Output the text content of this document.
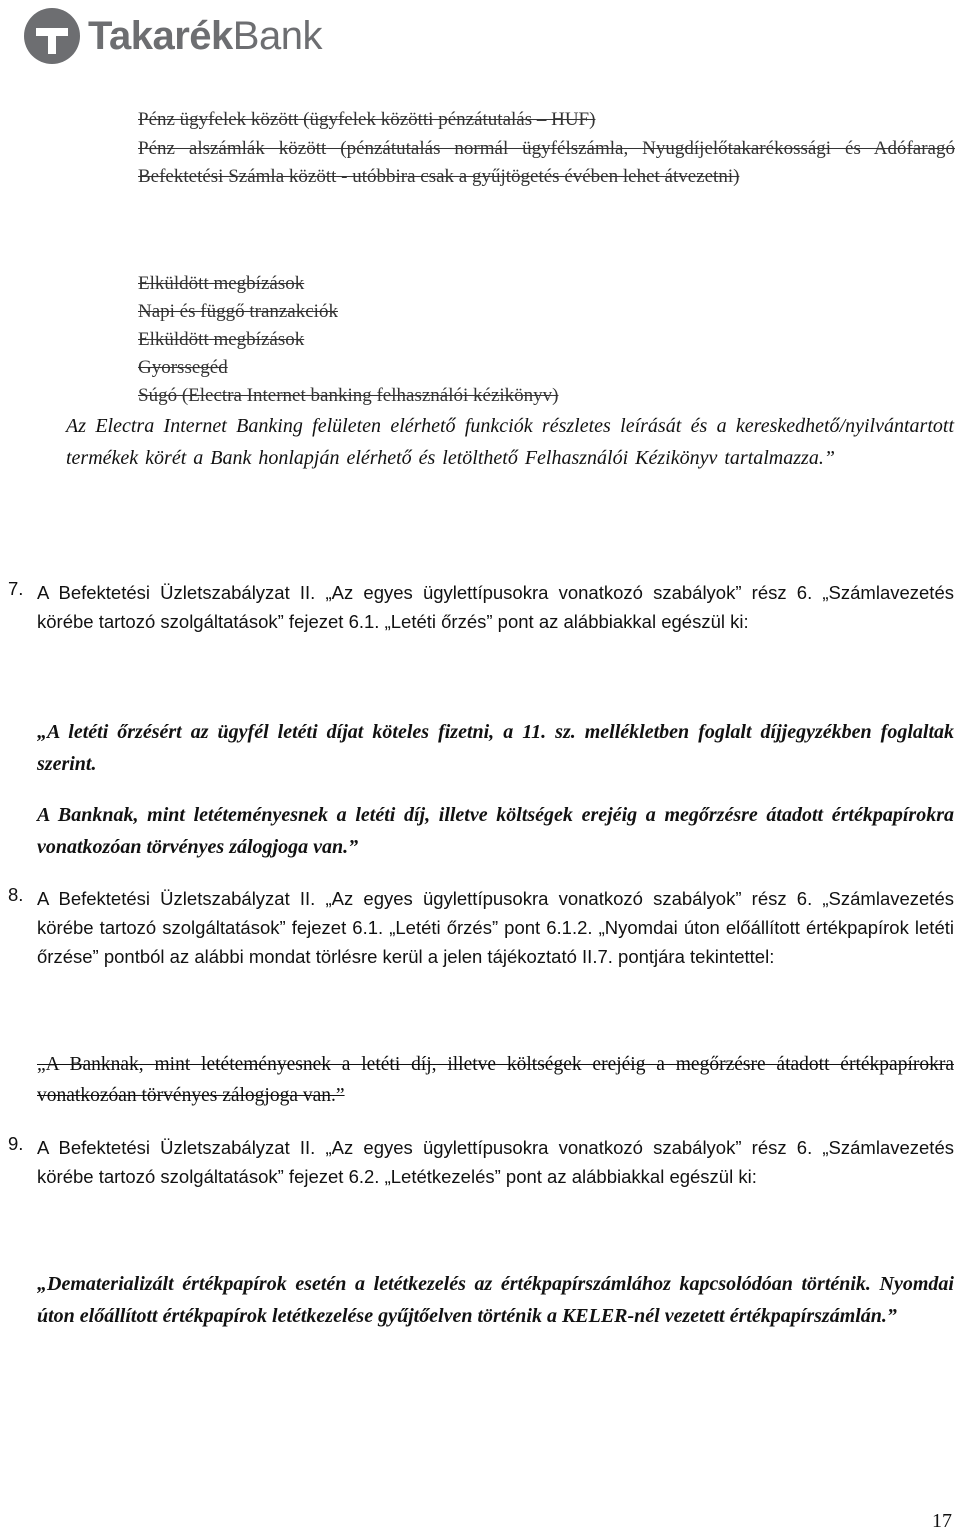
TakarékBank
Pénz ügyfelek között (ügyfelek közötti pénzátutalás – HUF)
Pénz alszámlák között (pénzátutalás normál ügyfélszámla, Nyugdíjelőtakarékossági és Adófaragó Befektetési Számla között - utóbbira csak a gyűjtögetés évében lehet átvezetni)
Elküldött megbízások
Napi és függő tranzakciók
Elküldött megbízások
Gyorssegéd
Súgó (Electra Internet banking felhasználói kézikönyv)
Az Electra Internet Banking felületen elérhető funkciók részletes leírását és a kereskedhető/nyilvántartott termékek körét a Bank honlapján elérhető és letölthető Felhasználói Kézikönyv tartalmazza.”
7. A Befektetési Üzletszabályzat II. „Az egyes ügylettípusokra vonatkozó szabályok” rész 6. „Számlavezetés körébe tartozó szolgáltatások” fejezet 6.1. „Letéti őrzés” pont az alábbiakkal egészül ki:
„A letéti őrzésért az ügyfél letéti díjat köteles fizetni, a 11. sz. mellékletben foglalt díjjegyzékben foglaltak szerint.
A Banknak, mint letéteményesnek a letéti díj, illetve költségek erejéig a megőrzésre átadott értékpapírokra vonatkozóan törvényes zálogjoga van.”
8. A Befektetési Üzletszabályzat II. „Az egyes ügylettípusokra vonatkozó szabályok” rész 6. „Számlavezetés körébe tartozó szolgáltatások” fejezet 6.1. „Letéti őrzés” pont 6.1.2. „Nyomdai úton előállított értékpapírok letéti őrzése” pontból az alábbi mondat törlésre kerül a jelen tájékoztató II.7. pontjára tekintettel:
„A Banknak, mint letéteményesnek a letéti díj, illetve költségek erejéig a megőrzésre átadott értékpapírokra vonatkozóan törvényes zálogjoga van.”
9. A Befektetési Üzletszabályzat II. „Az egyes ügylettípusokra vonatkozó szabályok” rész 6. „Számlavezetés körébe tartozó szolgáltatások” fejezet 6.2. „Letétkezelés” pont az alábbiakkal egészül ki:
„Dematerializált értékpapírok esetén a letétkezelés az értékpapírszámlához kapcsolódóan történik. Nyomdai úton előállított értékpapírok letétkezelése gyűjtőelven történik a KELER-nél vezetett értékpapírszámlán.”
17
